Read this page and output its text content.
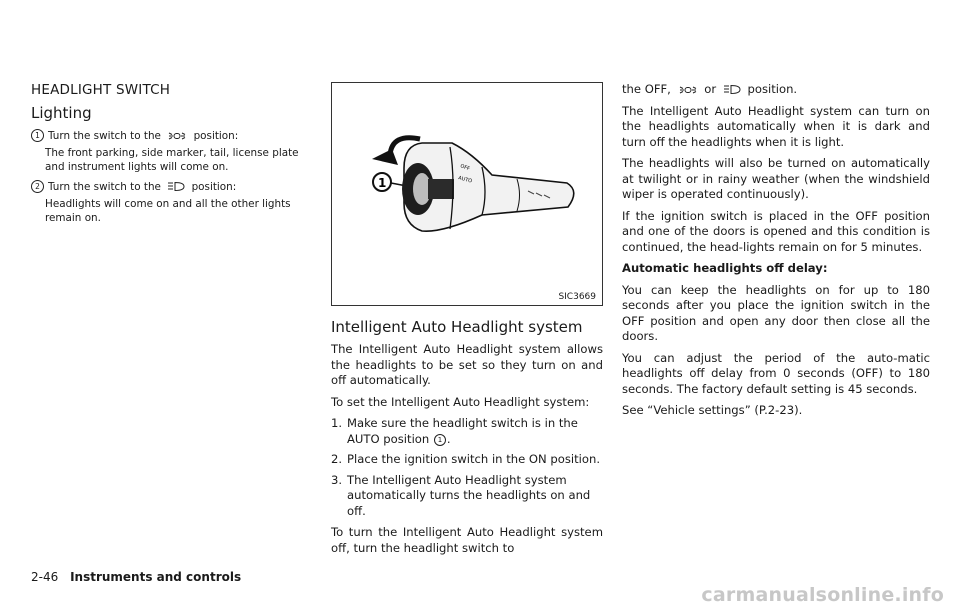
HEADLIGHT SWITCH
Lighting
1 Turn the switch to the	position:

The front parking, side marker, tail, license plate and instrument lights will come on.

2 Turn the switch to the	position:

Headlights will come on and all the other lights remain on.

1
OFF
AUTO
SIC3669
Intelligent Auto Headlight system

The Intelligent Auto Headlight system allows the headlights to be set so they turn on and off automatically.

To set the Intelligent Auto Headlight system:

1. Make sure the headlight switch is in the AUTO position 1 .
2. Place the ignition switch in the ON position.
3. The Intelligent Auto Headlight system automatically turns the headlights on and off.

To turn the Intelligent Auto Headlight system off, turn the headlight switch to

the OFF,	or	position.

The Intelligent Auto Headlight system can turn on the headlights automatically when it is dark and turn off the headlights when it is light.

The headlights will also be turned on automatically at twilight or in rainy weather (when the windshield wiper is operated continuously).

If the ignition switch is placed in the OFF position and one of the doors is opened and this condition is continued, the head-lights remain on for 5 minutes.

Automatic headlights off delay:

You can keep the headlights on for up to 180 seconds after you place the ignition switch in the OFF position and open any door then close all the doors.

You can adjust the period of the auto-matic headlights off delay from 0 seconds (OFF) to 180 seconds. The factory default setting is 45 seconds.

See “Vehicle settings” (P.2-23).

2-46 Instruments and controls
carmanualsonline.info
